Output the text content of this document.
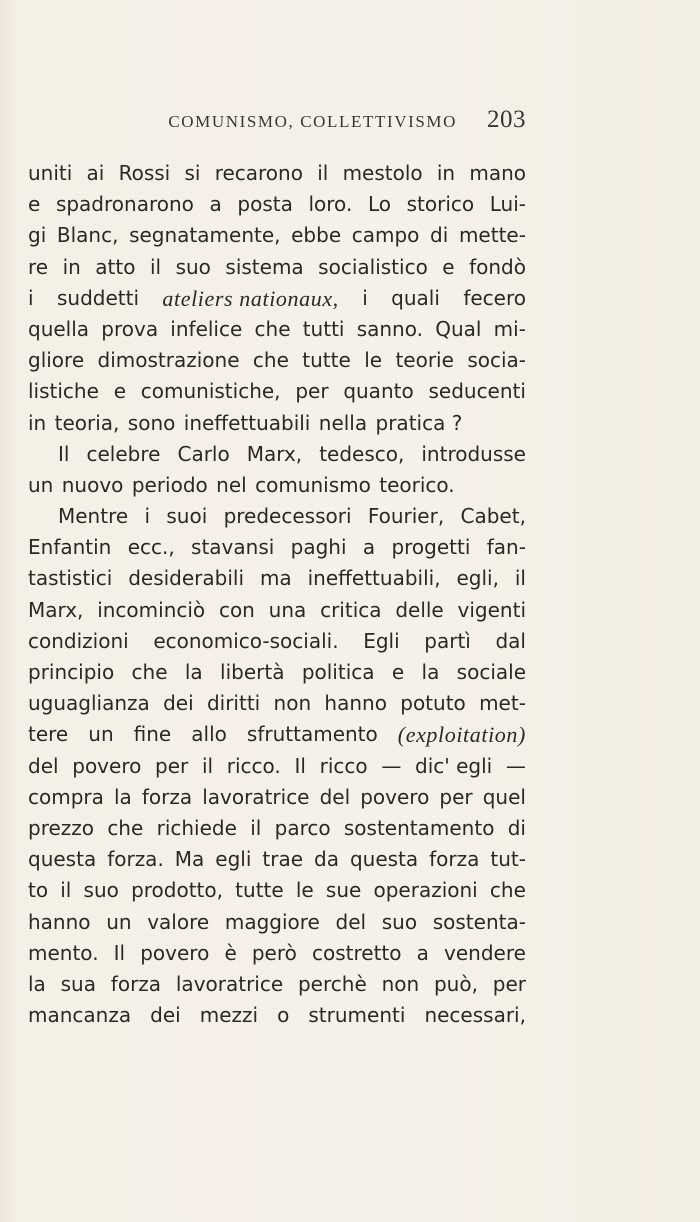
COMUNISMO, COLLETTIVISMO 203
uniti ai Rossi si recarono il mestolo in mano
e spadronarono a posta loro. Lo storico Lui-
gi Blanc, segnatamente, ebbe campo di mette-
re in atto il suo sistema socialistico e fondò
i suddetti ateliers nationaux, i quali fecero
quella prova infelice che tutti sanno. Qual mi-
gliore dimostrazione che tutte le teorie socia-
listiche e comunistiche, per quanto seducenti
in teoria, sono ineffettuabili nella pratica ?
Il celebre Carlo Marx, tedesco, introdusse
un nuovo periodo nel comunismo teorico.
Mentre i suoi predecessori Fourier, Cabet,
Enfantin ecc., stavansi paghi a progetti fan-
tastistici desiderabili ma ineffettuabili, egli, il
Marx, incominciò con una critica delle vigenti
condizioni economico-sociali. Egli partì dal
principio che la libertà politica e la sociale
uguaglianza dei diritti non hanno potuto met-
tere un fine allo sfruttamento (exploitation)
del povero per il ricco. Il ricco — dic' egli —
compra la forza lavoratrice del povero per quel
prezzo che richiede il parco sostentamento di
questa forza. Ma egli trae da questa forza tut-
to il suo prodotto, tutte le sue operazioni che
hanno un valore maggiore del suo sostenta-
mento. Il povero è però costretto a vendere
la sua forza lavoratrice perchè non può, per
mancanza dei mezzi o strumenti necessari,
